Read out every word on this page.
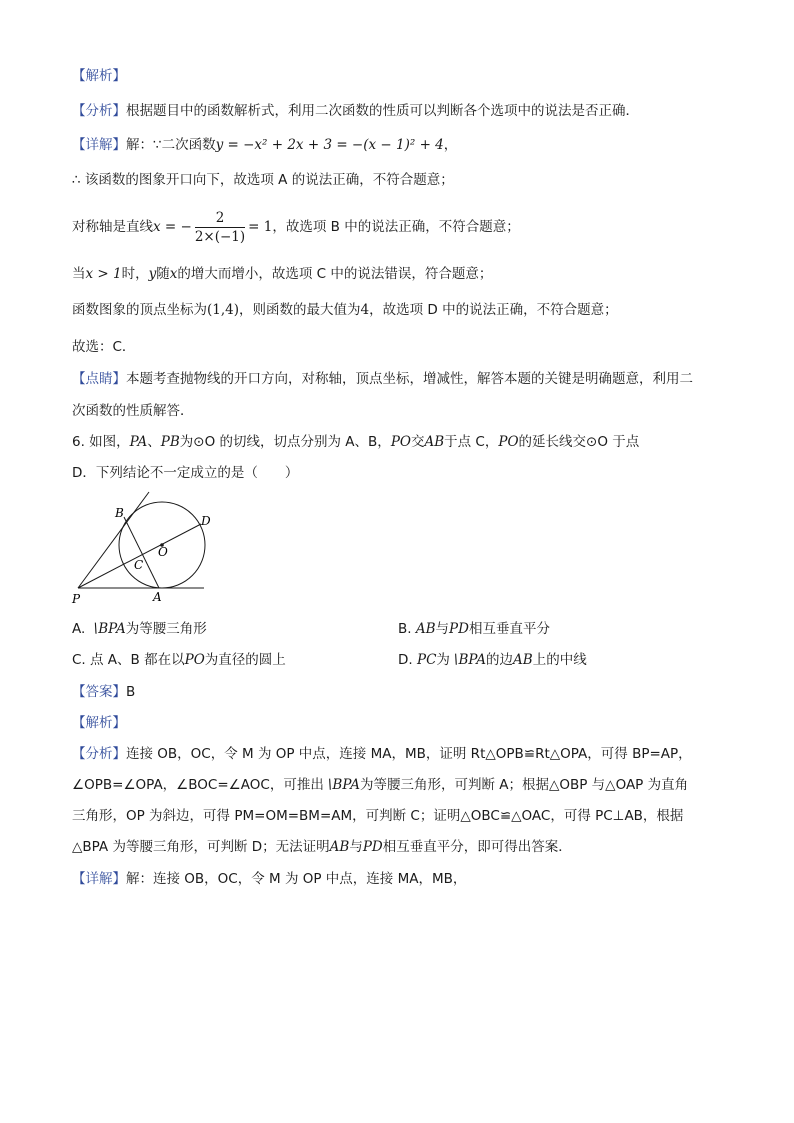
【解析】
【分析】根据题目中的函数解析式，利用二次函数的性质可以判断各个选项中的说法是否正确．
【详解】解：∵二次函数y = −x² + 2x + 3 = −(x − 1)² + 4，
∴ 该函数的图象开口向下，故选项 A 的说法正确，不符合题意；
对称轴是直线x = − $\frac{2}{2\times(-1)} = 1$，故选项 B 中的说法正确，不符合题意；
当x > 1时，y随x的增大而增小，故选项 C 中的说法错误，符合题意；
函数图象的顶点坐标为(1,4)，则函数的最大值为4，故选项 D 中的说法正确，不符合题意；
故选：C．
【点睛】本题考查抛物线的开口方向，对称轴，顶点坐标，增减性，解答本题的关键是明确题意，利用二
次函数的性质解答．
6. 如图，PA、PB为⊙O 的切线，切点分别为 A、B，PO交AB于点 C，PO的延长线交⊙O 于点
D．下列结论不一定成立的是（　　）
B
D
O
C
P	A
A. ∖BPA为等腰三角形	B. AB与PD相互垂直平分
C. 点 A、B 都在以PO为直径的圆上	D. PC为∖BPA的边AB上的中线
【答案】B
【解析】
【分析】连接 OB，OC，令 M 为 OP 中点，连接 MA，MB，证明 Rt△OPB≌Rt△OPA，可得 BP=AP，
∠OPB=∠OPA，∠BOC=∠AOC，可推出∖BPA为等腰三角形，可判断 A；根据△OBP 与△OAP 为直角
三角形，OP 为斜边，可得 PM=OM=BM=AM，可判断 C；证明△OBC≌△OAC，可得 PC⊥AB，根据
△BPA 为等腰三角形，可判断 D；无法证明AB与PD相互垂直平分，即可得出答案．
【详解】解：连接 OB，OC，令 M 为 OP 中点，连接 MA，MB，
